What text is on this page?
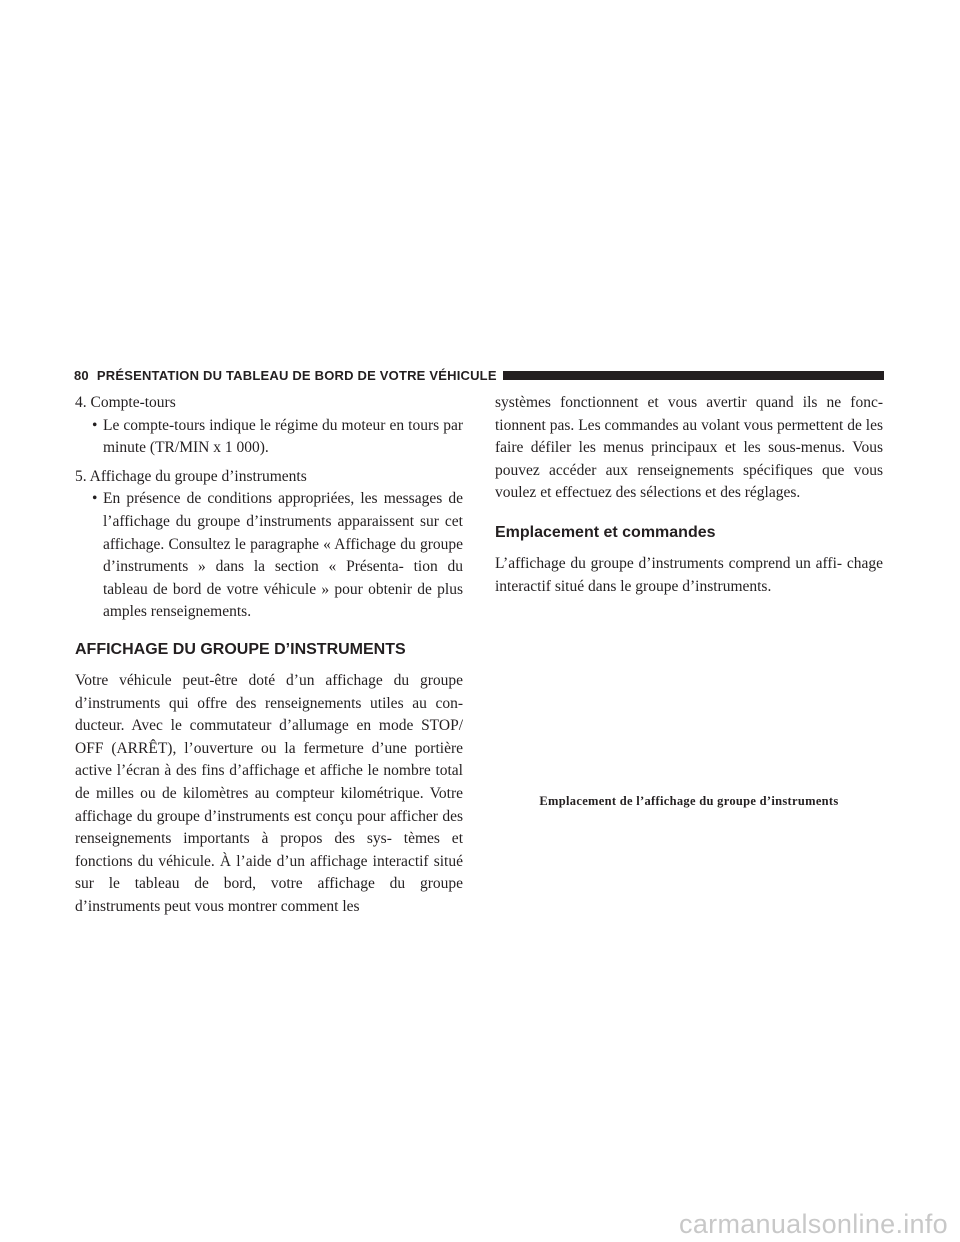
80 PRÉSENTATION DU TABLEAU DE BORD DE VOTRE VÉHICULE

4. Compte-tours

• Le compte-tours indique le régime du moteur en tours par minute (TR/MIN x 1 000).

5. Affichage du groupe d’instruments

• En présence de conditions appropriées, les messages de l’affichage du groupe d’instruments apparaissent sur cet affichage. Consultez le paragraphe « Affichage du groupe d’instruments » dans la section « Présenta- tion du tableau de bord de votre véhicule » pour obtenir de plus amples renseignements.

AFFICHAGE DU GROUPE D’INSTRUMENTS

Votre véhicule peut-être doté d’un affichage du groupe d’instruments qui offre des renseignements utiles au con- ducteur. Avec le commutateur d’allumage en mode STOP/ OFF (ARRÊT), l’ouverture ou la fermeture d’une portière active l’écran à des fins d’affichage et affiche le nombre total de milles ou de kilomètres au compteur kilométrique. Votre affichage du groupe d’instruments est conçu pour afficher des renseignements importants à propos des sys- tèmes et fonctions du véhicule. À l’aide d’un affichage interactif situé sur le tableau de bord, votre affichage du groupe d’instruments peut vous montrer comment les

systèmes fonctionnent et vous avertir quand ils ne fonc- tionnent pas. Les commandes au volant vous permettent de les faire défiler les menus principaux et les sous-menus. Vous pouvez accéder aux renseignements spécifiques que vous voulez et effectuez des sélections et des réglages.

Emplacement et commandes

L’affichage du groupe d’instruments comprend un affi- chage interactif situé dans le groupe d’instruments.

Emplacement de l’affichage du groupe d’instruments
carmanualsonline.info
